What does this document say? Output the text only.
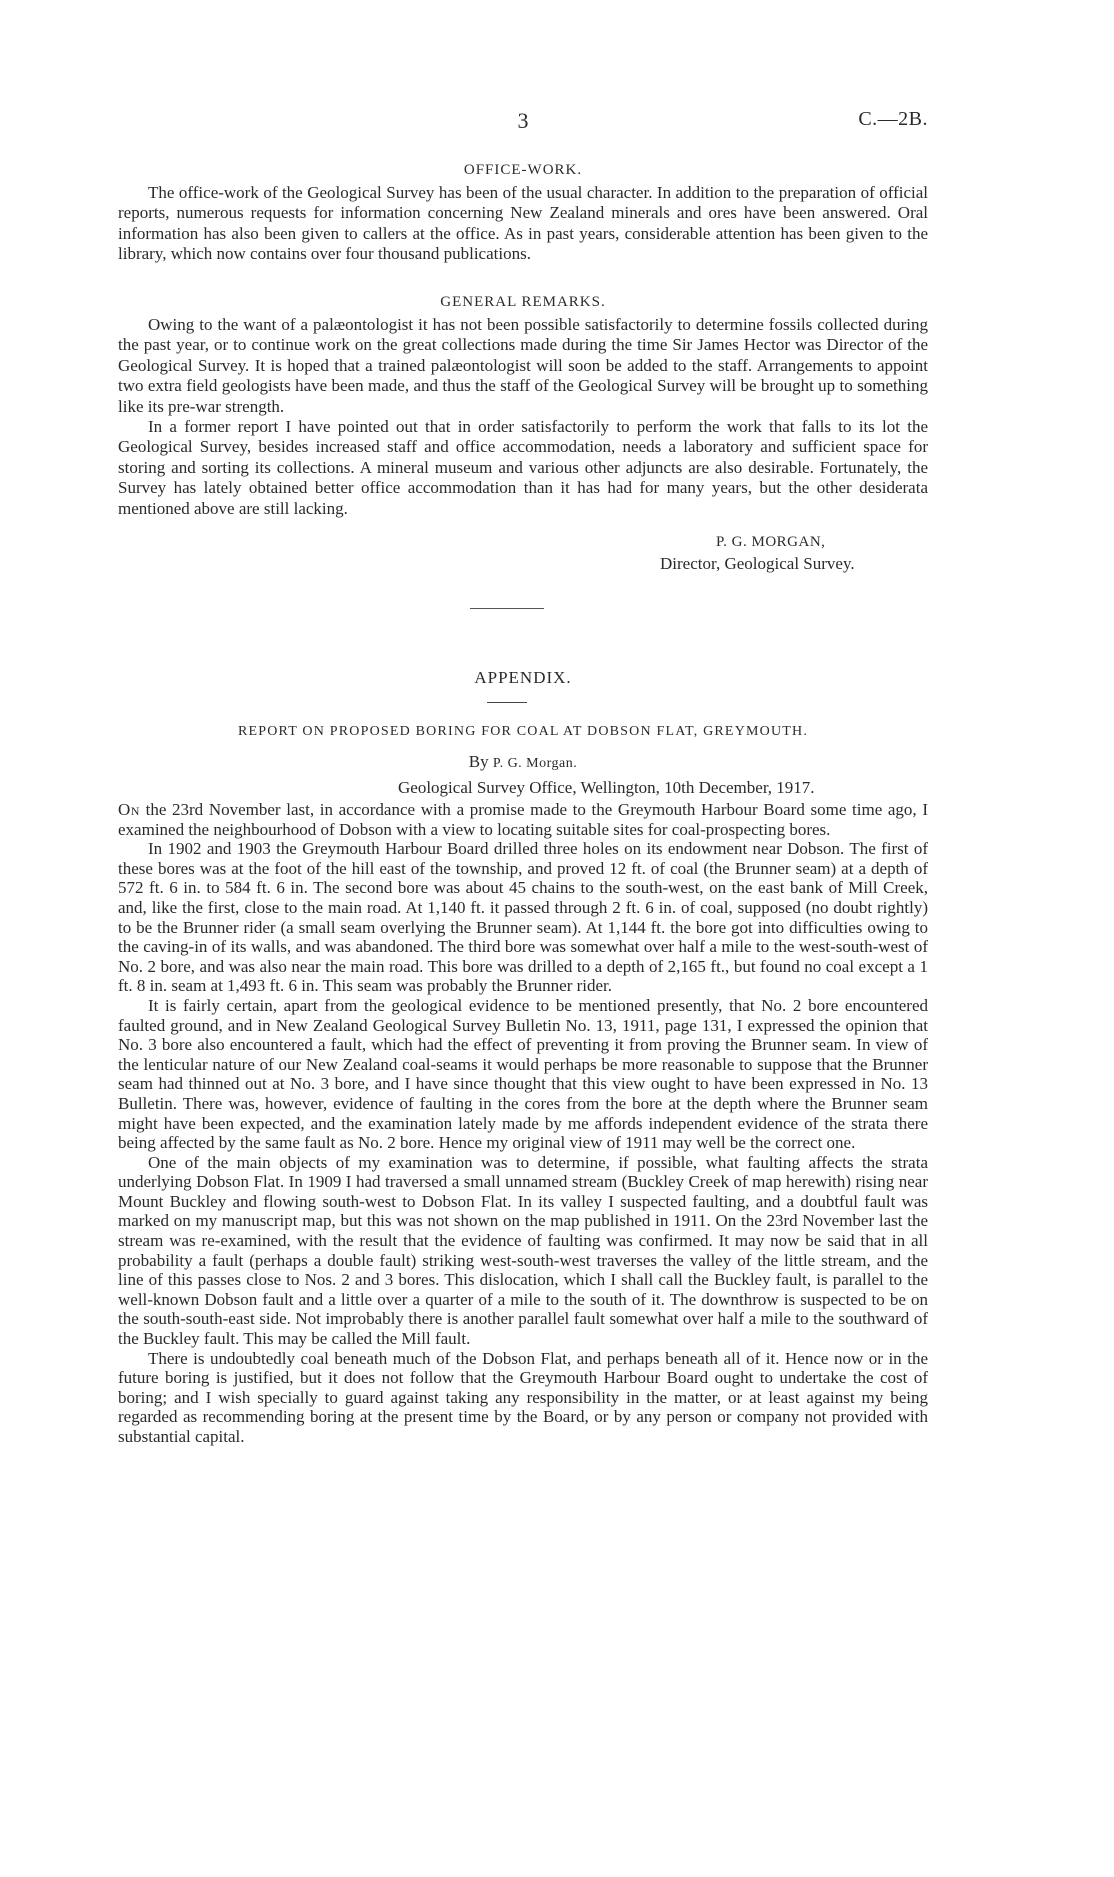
3	C.—2B.
OFFICE-WORK.

The office-work of the Geological Survey has been of the usual character. In addition to the preparation of official reports, numerous requests for information concerning New Zealand minerals and ores have been answered. Oral information has also been given to callers at the office. As in past years, considerable attention has been given to the library, which now contains over four thousand publications.

GENERAL REMARKS.

Owing to the want of a palæontologist it has not been possible satisfactorily to determine fossils collected during the past year, or to continue work on the great collections made during the time Sir James Hector was Director of the Geological Survey. It is hoped that a trained palæontologist will soon be added to the staff. Arrangements to appoint two extra field geologists have been made, and thus the staff of the Geological Survey will be brought up to something like its pre-war strength.

In a former report I have pointed out that in order satisfactorily to perform the work that falls to its lot the Geological Survey, besides increased staff and office accommodation, needs a laboratory and sufficient space for storing and sorting its collections. A mineral museum and various other adjuncts are also desirable. Fortunately, the Survey has lately obtained better office accommodation than it has had for many years, but the other desiderata mentioned above are still lacking.

P. G. MORGAN,
Director, Geological Survey.
APPENDIX.
REPORT ON PROPOSED BORING FOR COAL AT DOBSON FLAT, GREYMOUTH.
By P. G. Morgan.
Geological Survey Office, Wellington, 10th December, 1917.

On the 23rd November last, in accordance with a promise made to the Greymouth Harbour Board some time ago, I examined the neighbourhood of Dobson with a view to locating suitable sites for coal-prospecting bores.

In 1902 and 1903 the Greymouth Harbour Board drilled three holes on its endowment near Dobson. The first of these bores was at the foot of the hill east of the township, and proved 12 ft. of coal (the Brunner seam) at a depth of 572 ft. 6 in. to 584 ft. 6 in. The second bore was about 45 chains to the south-west, on the east bank of Mill Creek, and, like the first, close to the main road. At 1,140 ft. it passed through 2 ft. 6 in. of coal, supposed (no doubt rightly) to be the Brunner rider (a small seam overlying the Brunner seam). At 1,144 ft. the bore got into difficulties owing to the caving-in of its walls, and was abandoned. The third bore was somewhat over half a mile to the west-south-west of No. 2 bore, and was also near the main road. This bore was drilled to a depth of 2,165 ft., but found no coal except a 1 ft. 8 in. seam at 1,493 ft. 6 in. This seam was probably the Brunner rider.

It is fairly certain, apart from the geological evidence to be mentioned presently, that No. 2 bore encountered faulted ground, and in New Zealand Geological Survey Bulletin No. 13, 1911, page 131, I expressed the opinion that No. 3 bore also encountered a fault, which had the effect of preventing it from proving the Brunner seam. In view of the lenticular nature of our New Zealand coal-seams it would perhaps be more reasonable to suppose that the Brunner seam had thinned out at No. 3 bore, and I have since thought that this view ought to have been expressed in No. 13 Bulletin. There was, however, evidence of faulting in the cores from the bore at the depth where the Brunner seam might have been expected, and the examination lately made by me affords independent evidence of the strata there being affected by the same fault as No. 2 bore. Hence my original view of 1911 may well be the correct one.

One of the main objects of my examination was to determine, if possible, what faulting affects the strata underlying Dobson Flat. In 1909 I had traversed a small unnamed stream (Buckley Creek of map herewith) rising near Mount Buckley and flowing south-west to Dobson Flat. In its valley I suspected faulting, and a doubtful fault was marked on my manuscript map, but this was not shown on the map published in 1911. On the 23rd November last the stream was re-examined, with the result that the evidence of faulting was confirmed. It may now be said that in all probability a fault (perhaps a double fault) striking west-south-west traverses the valley of the little stream, and the line of this passes close to Nos. 2 and 3 bores. This dislocation, which I shall call the Buckley fault, is parallel to the well-known Dobson fault and a little over a quarter of a mile to the south of it. The downthrow is suspected to be on the south-south-east side. Not improbably there is another parallel fault somewhat over half a mile to the southward of the Buckley fault. This may be called the Mill fault.

There is undoubtedly coal beneath much of the Dobson Flat, and perhaps beneath all of it. Hence now or in the future boring is justified, but it does not follow that the Greymouth Harbour Board ought to undertake the cost of boring; and I wish specially to guard against taking any responsibility in the matter, or at least against my being regarded as recommending boring at the present time by the Board, or by any person or company not provided with substantial capital.
